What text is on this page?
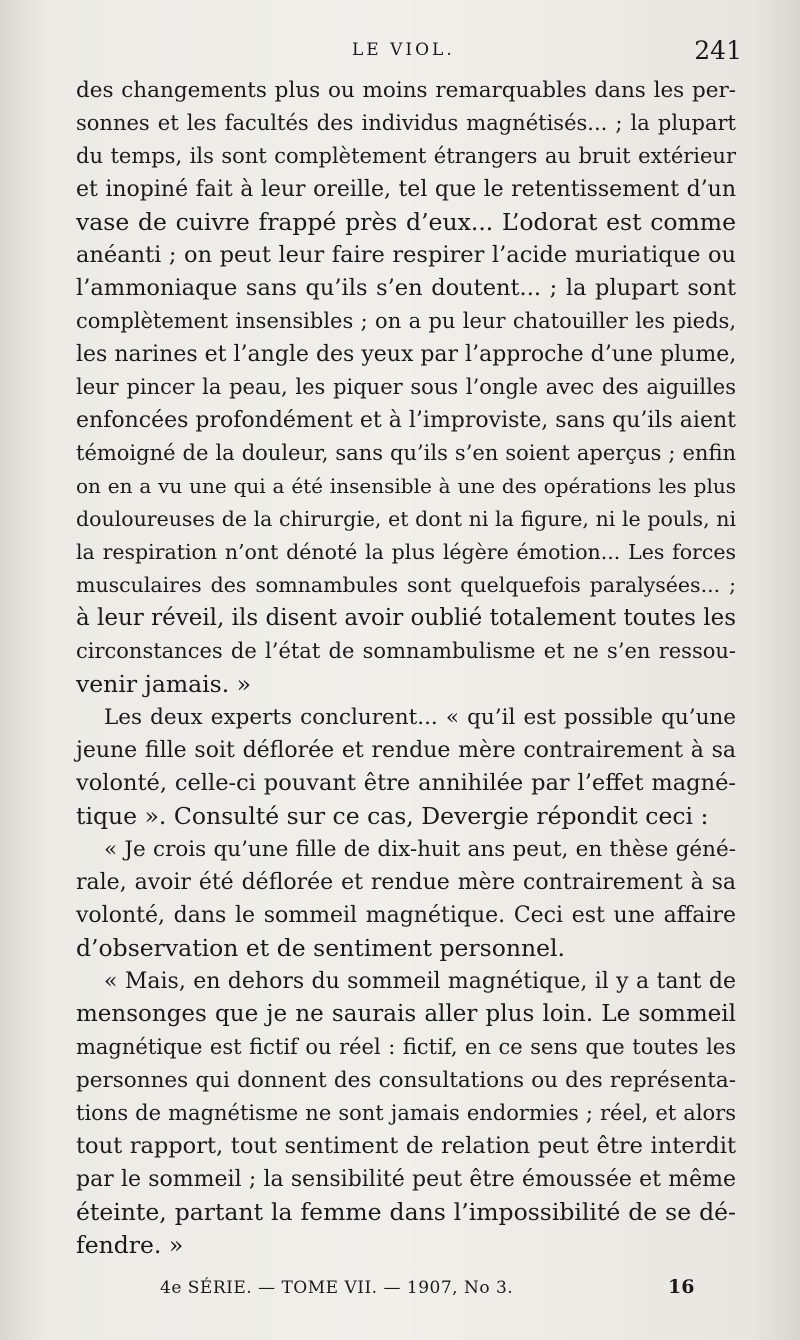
LE VIOL.	241
des changements plus ou moins remarquables dans les per-
sonnes et les facultés des individus magnétisés... ; la plupart
du temps, ils sont complètement étrangers au bruit extérieur
et inopiné fait à leur oreille, tel que le retentissement d’un
vase de cuivre frappé près d’eux... L’odorat est comme
anéanti ; on peut leur faire respirer l’acide muriatique ou
l’ammoniaque sans qu’ils s’en doutent... ; la plupart sont
complètement insensibles ; on a pu leur chatouiller les pieds,
les narines et l’angle des yeux par l’approche d’une plume,
leur pincer la peau, les piquer sous l’ongle avec des aiguilles
enfoncées profondément et à l’improviste, sans qu’ils aient
témoigné de la douleur, sans qu’ils s’en soient aperçus ; enfin
on en a vu une qui a été insensible à une des opérations les plus
douloureuses de la chirurgie, et dont ni la figure, ni le pouls, ni
la respiration n’ont dénoté la plus légère émotion... Les forces
musculaires des somnambules sont quelquefois paralysées... ;
à leur réveil, ils disent avoir oublié totalement toutes les
circonstances de l’état de somnambulisme et ne s’en ressou-
venir jamais. »
Les deux experts conclurent... « qu’il est possible qu’une
jeune fille soit déflorée et rendue mère contrairement à sa
volonté, celle-ci pouvant être annihilée par l’effet magné-
tique ». Consulté sur ce cas, Devergie répondit ceci :
« Je crois qu’une fille de dix-huit ans peut, en thèse géné-
rale, avoir été déflorée et rendue mère contrairement à sa
volonté, dans le sommeil magnétique. Ceci est une affaire
d’observation et de sentiment personnel.
« Mais, en dehors du sommeil magnétique, il y a tant de
mensonges que je ne saurais aller plus loin. Le sommeil
magnétique est fictif ou réel : fictif, en ce sens que toutes les
personnes qui donnent des consultations ou des représenta-
tions de magnétisme ne sont jamais endormies ; réel, et alors
tout rapport, tout sentiment de relation peut être interdit
par le sommeil ; la sensibilité peut être émoussée et même
éteinte, partant la femme dans l’impossibilité de se dé-
fendre. »
4e SÉRIE. — TOME VII. — 1907, No 3.	16
